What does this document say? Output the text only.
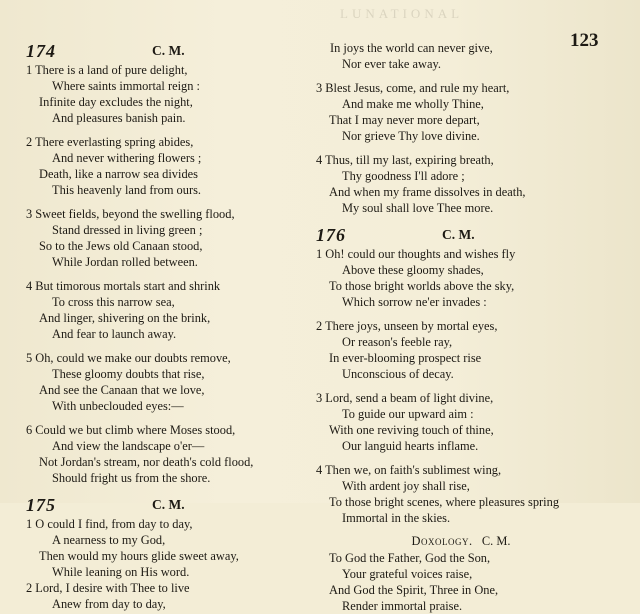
LUNATIONAL
123
174	C. M.
1 There is a land of pure delight,
Where saints immortal reign :
Infinite day excludes the night,
And pleasures banish pain.
2 There everlasting spring abides,
And never withering flowers ;
Death, like a narrow sea divides
This heavenly land from ours.
3 Sweet fields, beyond the swelling flood,
Stand dressed in living green ;
So to the Jews old Canaan stood,
While Jordan rolled between.
4 But timorous mortals start and shrink
To cross this narrow sea,
And linger, shivering on the brink,
And fear to launch away.
5 Oh, could we make our doubts remove,
These gloomy doubts that rise,
And see the Canaan that we love,
With unbeclouded eyes:—
6 Could we but climb where Moses stood,
And view the landscape o'er—
Not Jordan's stream, nor death's cold flood,
Should fright us from the shore.
175	C. M.
1 O could I find, from day to day,
A nearness to my God,
Then would my hours glide sweet away,
While leaning on His word.
2 Lord, I desire with Thee to live
Anew from day to day,
In joys the world can never give,
Nor ever take away.
3 Blest Jesus, come, and rule my heart,
And make me wholly Thine,
That I may never more depart,
Nor grieve Thy love divine.
4 Thus, till my last, expiring breath,
Thy goodness I'll adore ;
And when my frame dissolves in death,
My soul shall love Thee more.
176	C. M.
1 Oh! could our thoughts and wishes fly
Above these gloomy shades,
To those bright worlds above the sky,
Which sorrow ne'er invades :
2 There joys, unseen by mortal eyes,
Or reason's feeble ray,
In ever-blooming prospect rise
Unconscious of decay.
3 Lord, send a beam of light divine,
To guide our upward aim :
With one reviving touch of thine,
Our languid hearts inflame.
4 Then we, on faith's sublimest wing,
With ardent joy shall rise,
To those bright scenes, where pleasures spring
Immortal in the skies.
Doxology. C. M.
To God the Father, God the Son,
Your grateful voices raise,
And God the Spirit, Three in One,
Render immortal praise.
